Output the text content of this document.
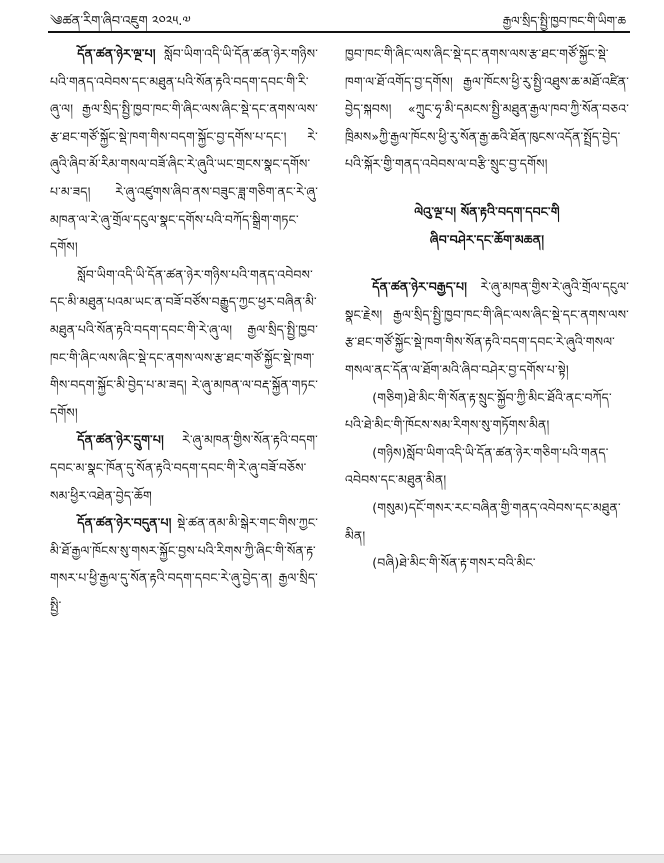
༄ཚན་རིག་ཞིབ་འཇུག ༢༠༢༥.༧	རྒྱལ་སྲིད་སྤྱི་ཁྱབ་ཁང་གི་ཡིག་ཆ

དོན་ཚན་ཉེར་ལྔ་པ། སློབ་ཡིག་འདི་ཡི་དོན་ཚན་ཉེར་གཉིས་པའི་གནད་འབེབས་དང་མཐུན་པའི་སོན་རྟའི་བདག་དབང་གི་རི་ཞུ་ལ། རྒྱལ་སྲིད་སྤྱི་ཁྱབ་ཁང་གི་ཞིང་ལས་ཞིང་སྡེ་དང་ནགས་ལས་རྩ་ཐང་གཙོ་སྐྱོང་སྡེ་ཁག་གིས་བདག་སྐྱོང་བྱ་དགོས་པ་དང་། རེ་ཞུའི་ཞིབ་མོ་རིམ་གསལ་བཟོ་ཞིང་རེ་ཞུའི་ཡང་གྲངས་སྣང་དགོས་པ་མ་ཟད། རེ་ཞུ་འཛུགས་ཞིབ་ནས་བཟུང་ཟླ་གཅིག་ནང་རེ་ཞུ་མཁན་ལ་རེ་ཞུ་གྲོལ་དངུལ་སྣང་དགོས་པའི་བཀོད་སྒྲིག་གཏང་དགོས།

སློབ་ཡིག་འདི་ཡི་དོན་ཚན་ཉེར་གཉིས་པའི་གནད་འབེབས་དང་མི་མཐུན་པའམ་ཡང་ན་བཟོ་བཙོས་བརྒྱུད་ཀྱང་ཕྱར་བཞིན་མི་མཐུན་པའི་སོན་རྟའི་བདག་དབང་གི་རེ་ཞུ་ལ། རྒྱལ་སྲིད་སྤྱི་ཁྱབ་ཁང་གི་ཞིང་ལས་ཞིང་སྡེ་དང་ནགས་ལས་རྩ་ཐང་གཙོ་སྐྱོང་སྡེ་ཁག་གིས་བདག་སྐྱོང་མི་བྱེད་པ་མ་ཟད། རེ་ཞུ་མཁན་ལ་བརྡ་སྐྱོན་གཏང་དགོས།

དོན་ཚན་ཉེར་དྲུག་པ། རེ་ཞུ་མཁན་གྱིས་སོན་རྟའི་བདག་དབང་མ་སྣང་ཁོན་དུ་སོན་རྟའི་བདག་དབང་གི་རེ་ཞུ་བཟོ་བཅོས་སམ་ཕྱིར་འཐེན་བྱེད་ཆོག

དོན་ཚན་ཉེར་བདུན་པ། སྡེ་ཚན་ནམ་མི་སྒེར་གང་གིས་ཀྱང་མི་ཐོ་རྒྱལ་ཁོངས་སུ་གསར་སྐྱོང་བྱས་པའི་རིགས་ཀྱི་ཞིང་གི་སོན་རྟ་གསར་པ་ཕྱི་རྒྱལ་དུ་སོན་རྟའི་བདག་དབང་རེ་ཞུ་བྱེད་ན། རྒྱལ་སྲིད་སྤྱི་

ཁྱབ་ཁང་གི་ཞིང་ལས་ཞིང་སྡེ་དང་ནགས་ལས་རྩ་ཐང་གཙོ་སྐྱོང་སྡེ་ཁག་ལ་ཐོ་འགོད་བྱ་དགོས། རྒྱལ་ཁོངས་ཕྱི་རུ་སྤྱི་འཐུས་ཆ་མཐོ་འཛིན་བྱེད་སྐབས། «ཀྲུང་ཧྭ་མི་དམངས་སྤྱི་མཐུན་རྒྱལ་ཁབ་ཀྱི་སོན་བཅའ་ཁྲིམས»ཀྱི་རྒྱལ་ཁོངས་ཕྱི་རུ་སོན་རྒྱ་ཆའི་ཐོན་ཁུངས་འདོན་སྤྲོད་བྱེད་པའི་སྐོར་གྱི་གནད་འབེབས་ལ་བརྩི་སྲུང་བྱ་དགོས།

ལེའུ་ལྔ་པ། སོན་རྟའི་བདག་དབང་གི

ཞིབ་བཤེར་དང་ཆོག་མཆན།

དོན་ཚན་ཉེར་བརྒྱད་པ། རེ་ཞུ་མཁན་གྱིས་རེ་ཞུའི་གྲོལ་དངུལ་སྣང་རྗེས། རྒྱལ་སྲིད་སྤྱི་ཁྱབ་ཁང་གི་ཞིང་ལས་ཞིང་སྡེ་དང་ནགས་ལས་རྩ་ཐང་གཙོ་སྐྱོང་སྡེ་ཁག་གིས་སོན་རྟའི་བདག་དབང་རེ་ཞུའི་གསལ་གསལ་ནང་དོན་ལ་ཐོག་མའི་ཞིབ་བཤེར་བྱ་དགོས་པ་སྟེ།

(གཅིག)ཐེ་མིང་གི་སོན་རྟ་སྲུང་སྐྱོབ་ཀྱི་མིང་ཐོའི་ནང་བཀོད་པའི་ཐེ་མིང་གི་ཁོངས་སམ་རིགས་སུ་གཏོགས་མིན།

(གཉིས)སློབ་ཡིག་འདི་ཡི་དོན་ཚན་ཉེར་གཅིག་པའི་གནད་འབེབས་དང་མཐུན་མིན།

(གསུམ)དངོ་གསར་རང་བཞིན་གྱི་གནད་འབེབས་དང་མཐུན་མིན།

(བཞི)ཐེ་མིང་གི་སོན་རྟ་གསར་བའི་མིང་
